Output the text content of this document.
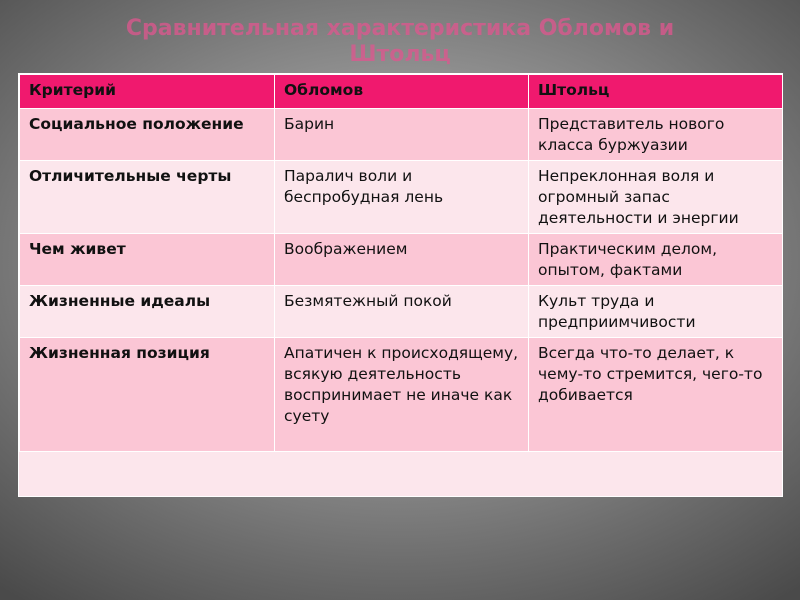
Сравнительная характеристика Обломов и Штольц
Критерий	Обломов	Штольц
Социальное положение	Барин	Представитель нового класса буржуазии
Отличительные черты	Паралич воли и беспробудная лень	Непреклонная воля и огромный запас деятельности и энергии
Чем живет	Воображением	Практическим делом, опытом, фактами
Жизненные идеалы	Безмятежный покой	Культ труда и предприимчивости
Жизненная позиция	Апатичен к происходящему, всякую деятельность воспринимает не иначе как суету	Всегда что-то делает, к чему-то стремится, чего-то добивается
